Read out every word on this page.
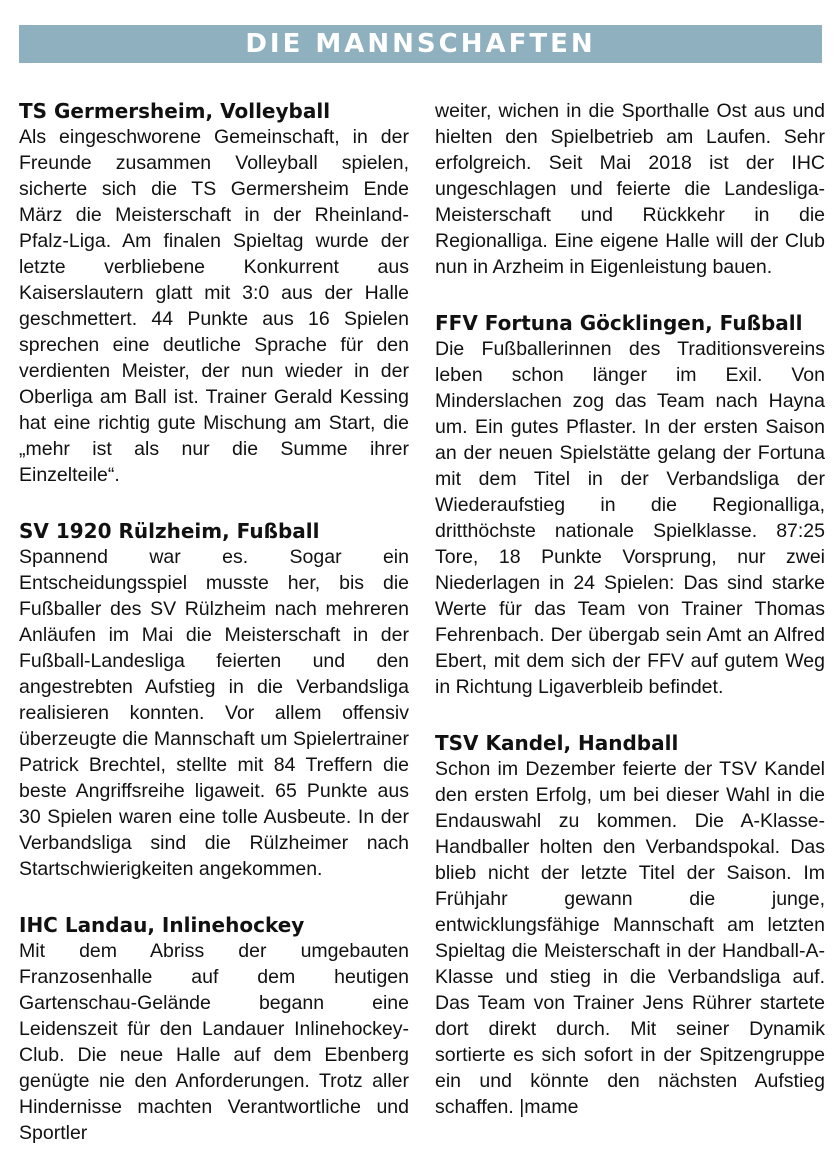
DIE MANNSCHAFTEN
TS Germersheim, Volleyball

Als eingeschworene Gemeinschaft, in der Freunde zusammen Volleyball spielen, sicherte sich die TS Germersheim Ende März die Meisterschaft in der Rheinland-Pfalz-Liga. Am finalen Spieltag wurde der letzte verbliebene Konkurrent aus Kaiserslautern glatt mit 3:0 aus der Halle geschmettert. 44 Punkte aus 16 Spielen sprechen eine deutliche Sprache für den verdienten Meister, der nun wieder in der Oberliga am Ball ist. Trainer Gerald Kessing hat eine richtig gute Mischung am Start, die „mehr ist als nur die Summe ihrer Einzelteile“.

SV 1920 Rülzheim, Fußball

Spannend war es. Sogar ein Entscheidungsspiel musste her, bis die Fußballer des SV Rülzheim nach mehreren Anläufen im Mai die Meisterschaft in der Fußball-Landesliga feierten und den angestrebten Aufstieg in die Verbandsliga realisieren konnten. Vor allem offensiv überzeugte die Mannschaft um Spielertrainer Patrick Brechtel, stellte mit 84 Treffern die beste Angriffsreihe ligaweit. 65 Punkte aus 30 Spielen waren eine tolle Ausbeute. In der Verbandsliga sind die Rülzheimer nach Startschwierigkeiten angekommen.

IHC Landau, Inlinehockey

Mit dem Abriss der umgebauten Franzosenhalle auf dem heutigen Gartenschau-Gelände begann eine Leidenszeit für den Landauer Inlinehockey-Club. Die neue Halle auf dem Ebenberg genügte nie den Anforderungen. Trotz aller Hindernisse machten Verantwortliche und Sportler

weiter, wichen in die Sporthalle Ost aus und hielten den Spielbetrieb am Laufen. Sehr erfolgreich. Seit Mai 2018 ist der IHC ungeschlagen und feierte die Landesliga-Meisterschaft und Rückkehr in die Regionalliga. Eine eigene Halle will der Club nun in Arzheim in Eigenleistung bauen.

FFV Fortuna Göcklingen, Fußball

Die Fußballerinnen des Traditionsvereins leben schon länger im Exil. Von Minderslachen zog das Team nach Hayna um. Ein gutes Pflaster. In der ersten Saison an der neuen Spielstätte gelang der Fortuna mit dem Titel in der Verbandsliga der Wiederaufstieg in die Regionalliga, dritthöchste nationale Spielklasse. 87:25 Tore, 18 Punkte Vorsprung, nur zwei Niederlagen in 24 Spielen: Das sind starke Werte für das Team von Trainer Thomas Fehrenbach. Der übergab sein Amt an Alfred Ebert, mit dem sich der FFV auf gutem Weg in Richtung Ligaverbleib befindet.

TSV Kandel, Handball

Schon im Dezember feierte der TSV Kandel den ersten Erfolg, um bei dieser Wahl in die Endauswahl zu kommen. Die A-Klasse-Handballer holten den Verbandspokal. Das blieb nicht der letzte Titel der Saison. Im Frühjahr gewann die junge, entwicklungsfähige Mannschaft am letzten Spieltag die Meisterschaft in der Handball-A-Klasse und stieg in die Verbandsliga auf. Das Team von Trainer Jens Rührer startete dort direkt durch. Mit seiner Dynamik sortierte es sich sofort in der Spitzengruppe ein und könnte den nächsten Aufstieg schaffen. |mame
